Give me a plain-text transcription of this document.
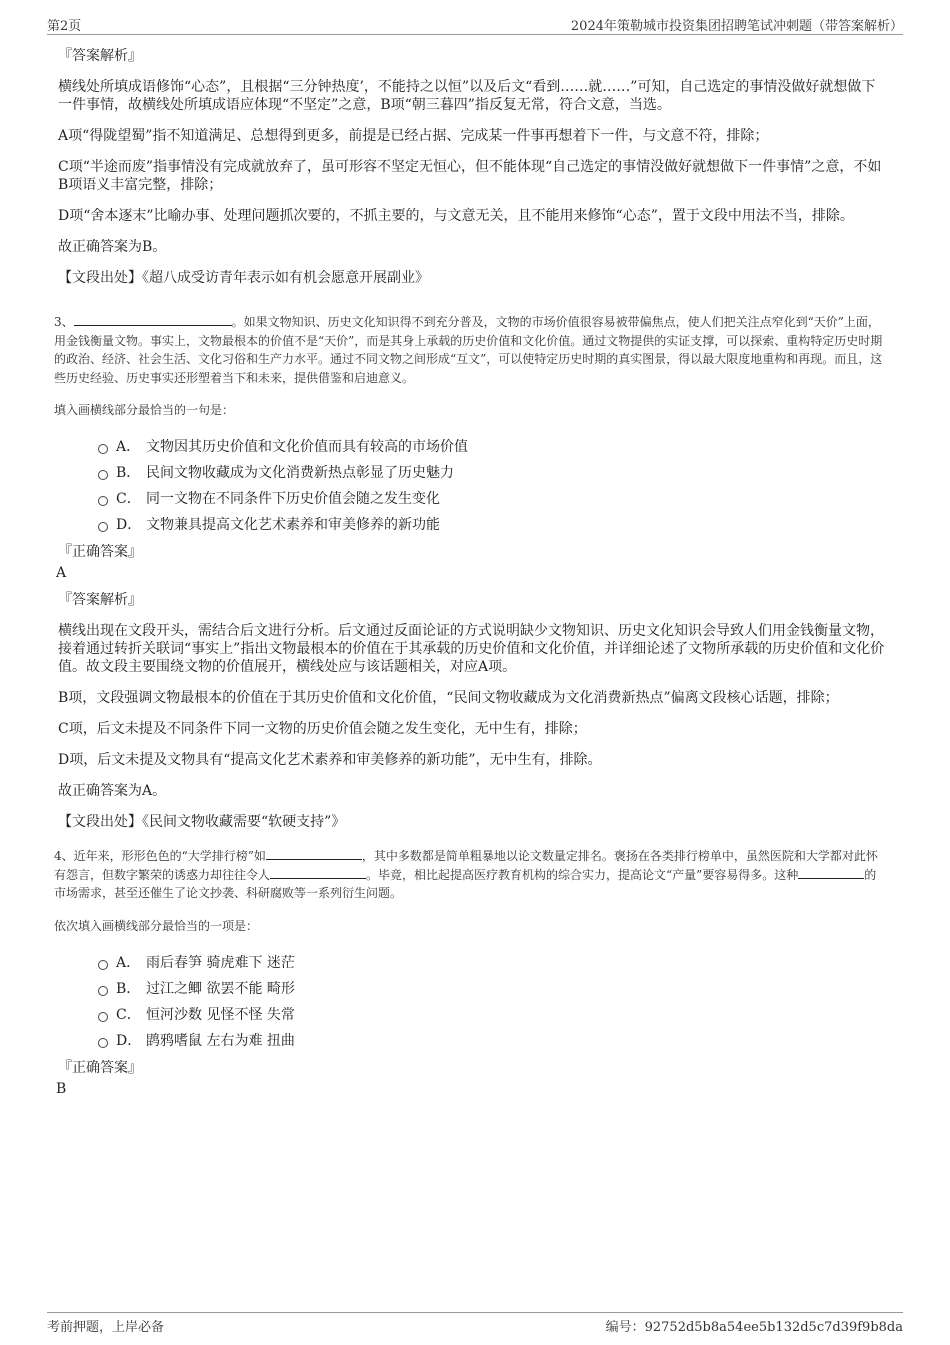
第2页	2024年策勒城市投资集团招聘笔试冲刺题（带答案解析）
『答案解析』
横线处所填成语修饰“心态”，且根据“三分钟热度’，不能持之以恒”以及后文“看到……就……”可知，自己选定的事情没做好就想做下一件事情，故横线处所填成语应体现“不坚定”之意，B项“朝三暮四”指反复无常，符合文意，当选。
A项“得陇望蜀”指不知道满足、总想得到更多，前提是已经占据、完成某一件事再想着下一件，与文意不符，排除；
C项“半途而废”指事情没有完成就放弃了，虽可形容不坚定无恒心，但不能体现“自己选定的事情没做好就想做下一件事情”之意，不如B项语义丰富完整，排除；
D项“舍本逐末”比喻办事、处理问题抓次要的，不抓主要的，与文意无关，且不能用来修饰“心态”，置于文段中用法不当，排除。
故正确答案为B。
【文段出处】《超八成受访青年表示如有机会愿意开展副业》
3、	。如果文物知识、历史文化知识得不到充分普及，文物的市场价值很容易被带偏焦点，使人们把关注点窄化到“天价”上面，用金钱衡量文物。事实上，文物最根本的价值不是“天价”，而是其身上承载的历史价值和文化价值。通过文物提供的实证支撑，可以探索、重构特定历史时期的政治、经济、社会生活、文化习俗和生产力水平。通过不同文物之间形成“互文”，可以使特定历史时期的真实图景，得以最大限度地重构和再现。而且，这些历史经验、历史事实还形塑着当下和未来，提供借鉴和启迪意义。
填入画横线部分最恰当的一句是：
A． 文物因其历史价值和文化价值而具有较高的市场价值
B． 民间文物收藏成为文化消费新热点彰显了历史魅力
C． 同一文物在不同条件下历史价值会随之发生变化
D． 文物兼具提高文化艺术素养和审美修养的新功能
『正确答案』
A
『答案解析』
横线出现在文段开头，需结合后文进行分析。后文通过反面论证的方式说明缺少文物知识、历史文化知识会导致人们用金钱衡量文物，接着通过转折关联词“事实上”指出文物最根本的价值在于其承载的历史价值和文化价值，并详细论述了文物所承载的历史价值和文化价值。故文段主要围绕文物的价值展开，横线处应与该话题相关，对应A项。
B项，文段强调文物最根本的价值在于其历史价值和文化价值，“民间文物收藏成为文化消费新热点”偏离文段核心话题，排除；
C项，后文未提及不同条件下同一文物的历史价值会随之发生变化，无中生有，排除；
D项，后文未提及文物具有“提高文化艺术素养和审美修养的新功能”，无中生有，排除。
故正确答案为A。
【文段出处】《民间文物收藏需要“软硬支持”》
4、近年来，形形色色的“大学排行榜”如	，其中多数都是简单粗暴地以论文数量定排名。褒扬在各类排行榜单中，虽然医院和大学都对此怀有怨言，但数字繁荣的诱惑力却往往令人	。毕竟，相比起提高医疗教育机构的综合实力，提高论文“产量”要容易得多。这种	的市场需求，甚至还催生了论文抄袭、科研腐败等一系列衍生问题。
依次填入画横线部分最恰当的一项是：
A． 雨后春笋 骑虎难下 迷茫
B． 过江之鲫 欲罢不能 畸形
C． 恒河沙数 见怪不怪 失常
D． 鹍鸦嗜鼠 左右为难 扭曲
『正确答案』
B
考前押题，上岸必备	编号：92752d5b8a54ee5b132d5c7d39f9b8da
